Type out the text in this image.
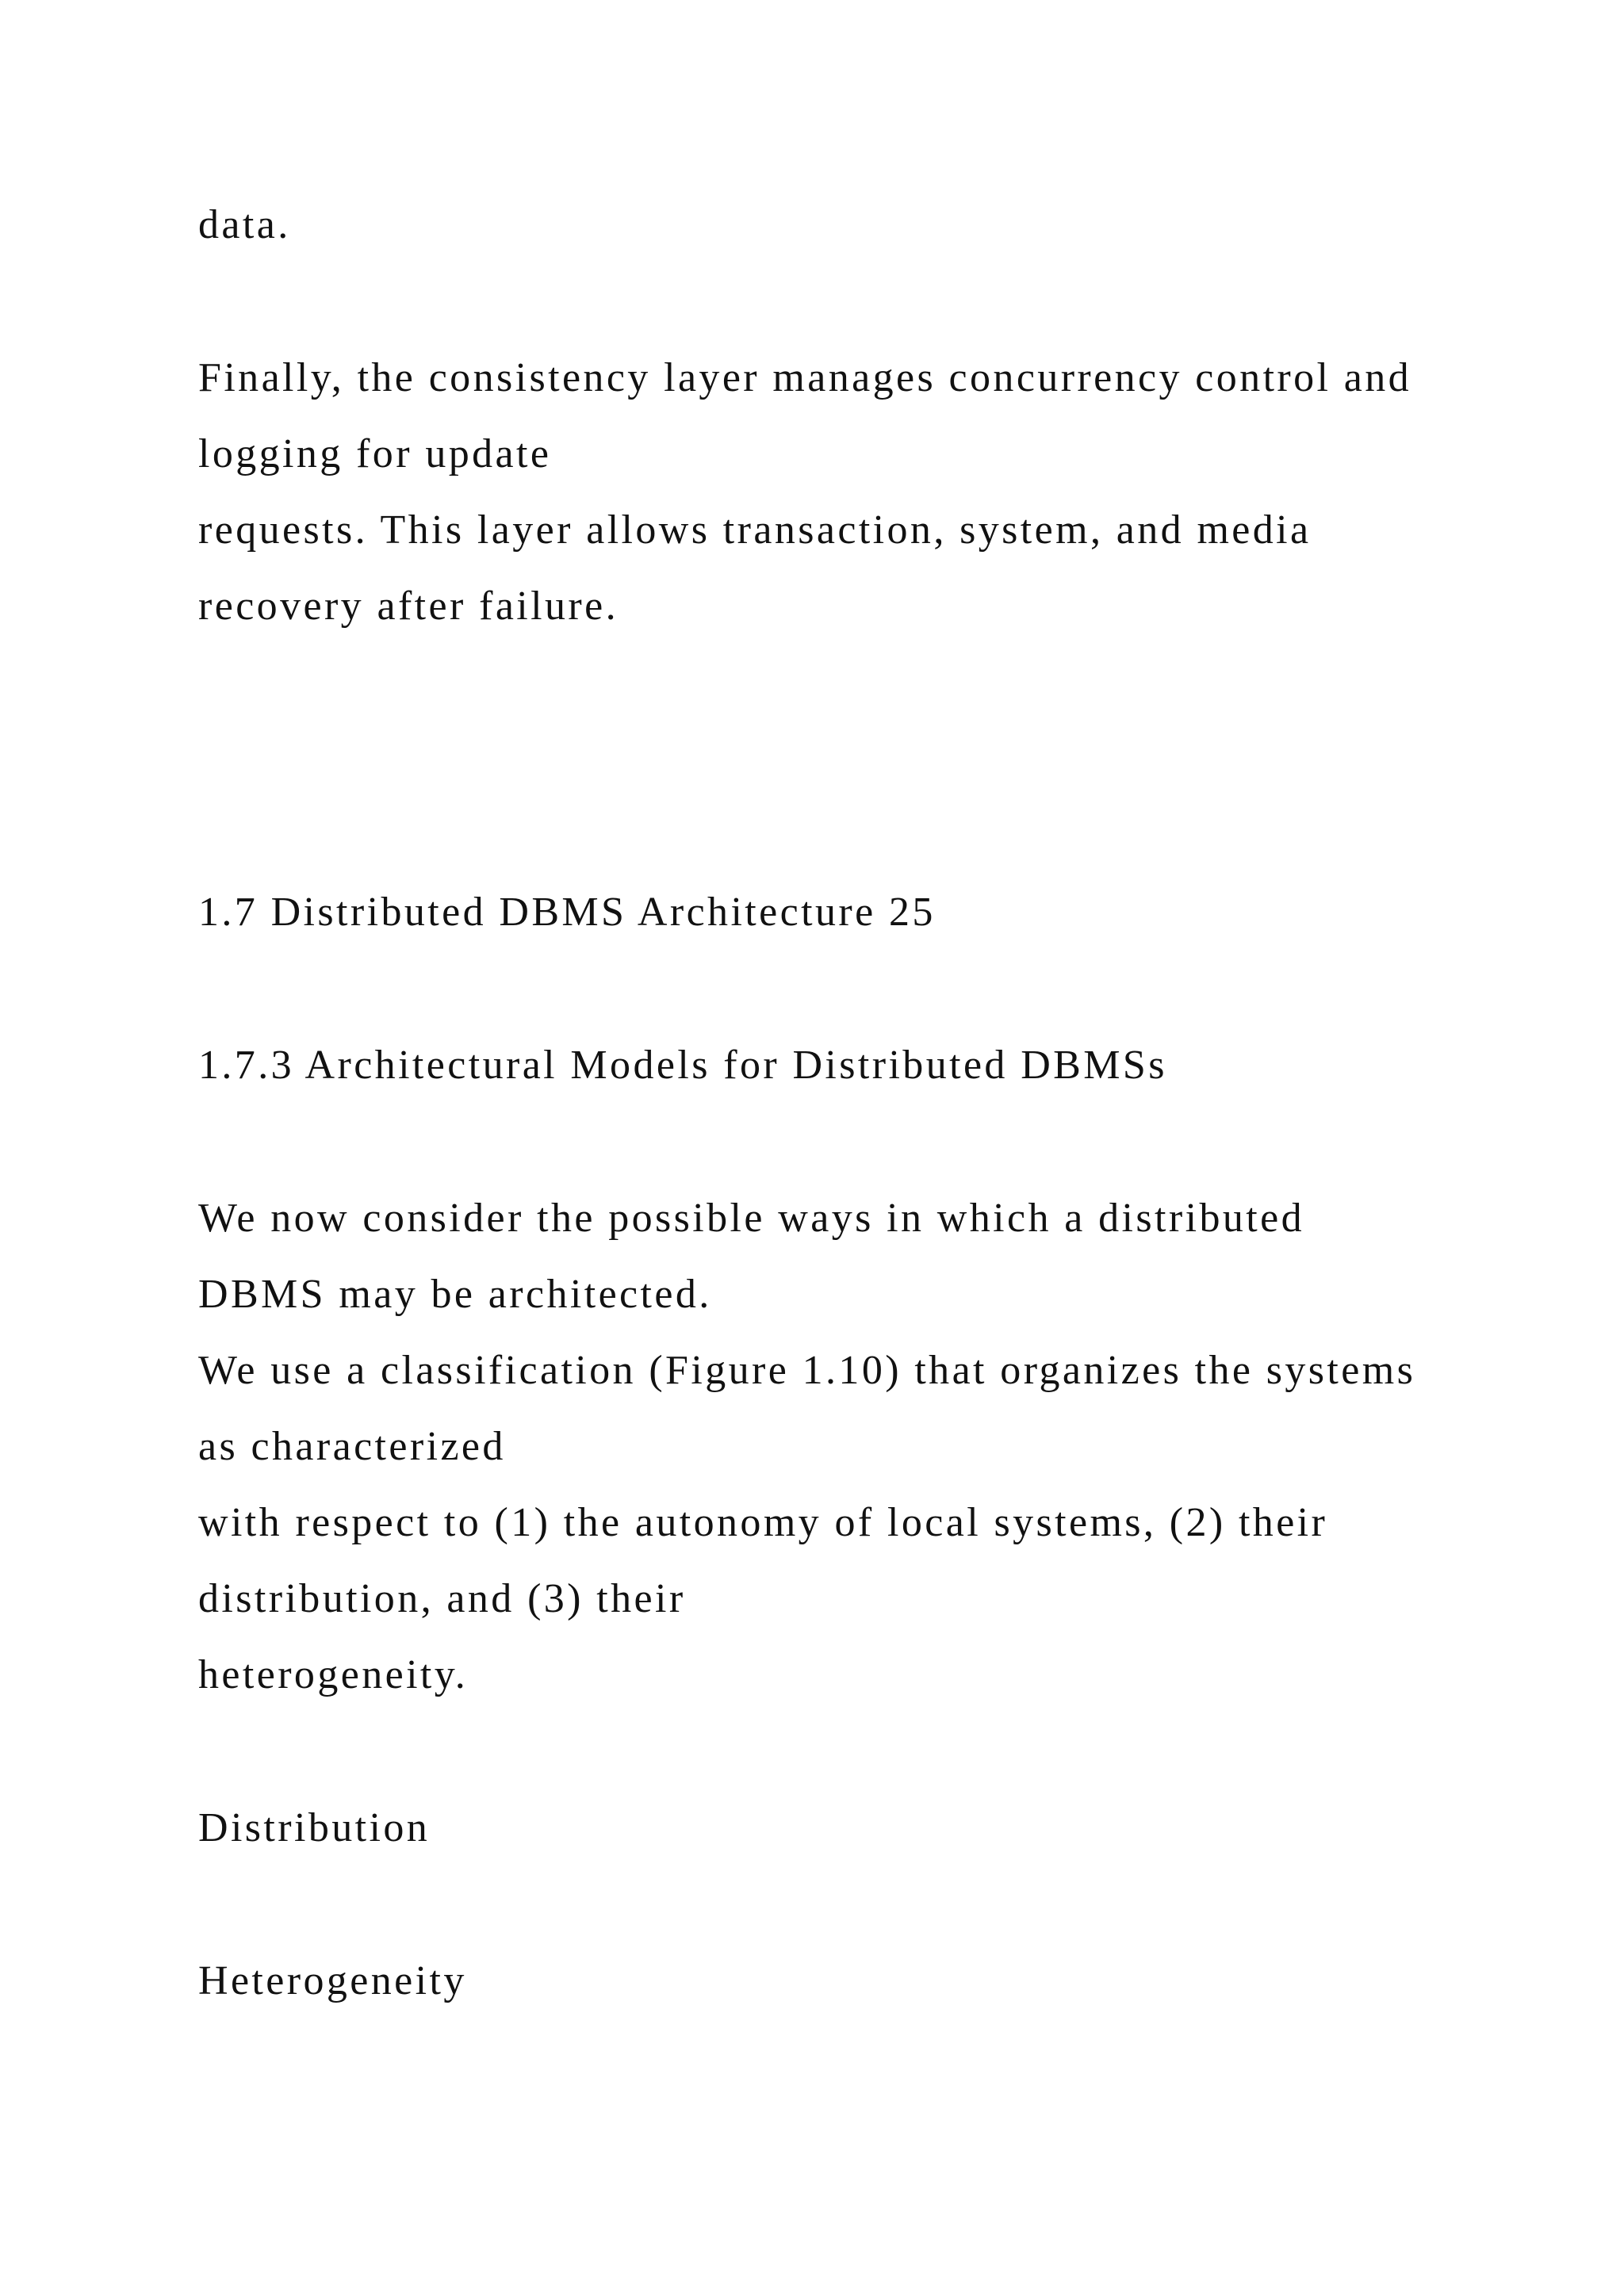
data.

Finally, the consistency layer manages concurrency control and

logging for update

requests. This layer allows transaction, system, and media

recovery after failure.

1.7 Distributed DBMS Architecture 25

1.7.3 Architectural Models for Distributed DBMSs

We now consider the possible ways in which a distributed

DBMS may be architected.

We use a classification (Figure 1.10) that organizes the systems

as characterized

with respect to (1) the autonomy of local systems, (2) their

distribution, and (3) their

heterogeneity.

Distribution

Heterogeneity
